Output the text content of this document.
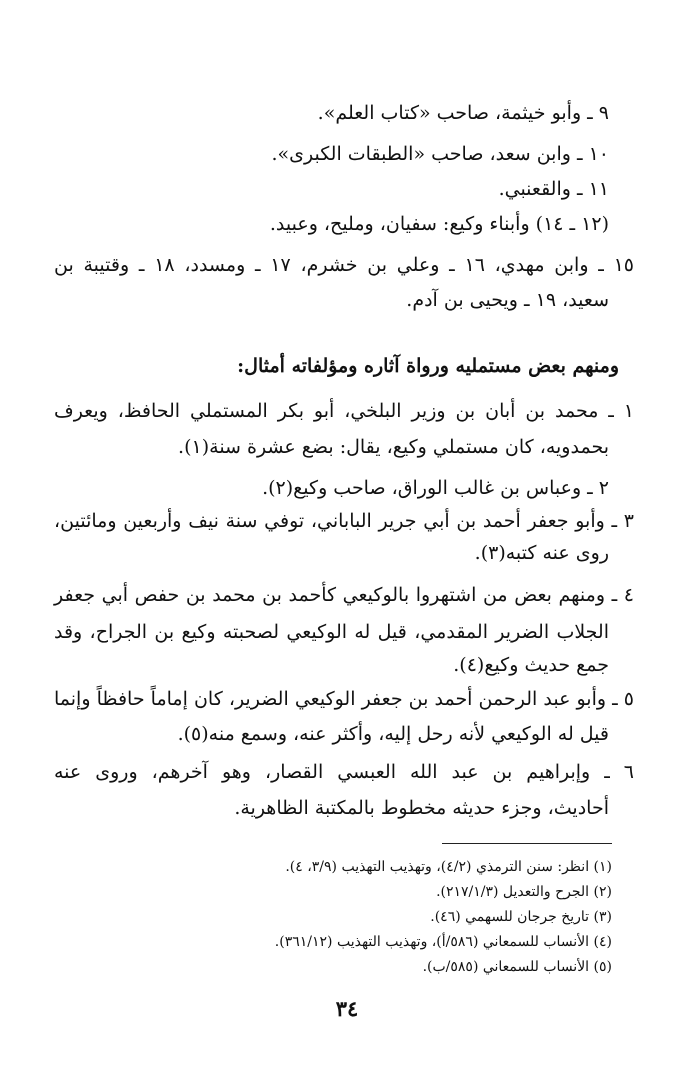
٩ ـ وأبو خيثمة، صاحب «كتاب العلم».
١٠ ـ وابن سعد، صاحب «الطبقات الكبرى».
١١ ـ والقعنبي.
(١٢ ـ ١٤) وأبناء وكيع: سفيان، ومليح، وعبيد.
١٥ ـ وابن مهدي، ١٦ ـ وعلي بن خشرم، ١٧ ـ ومسدد، ١٨ ـ وقتيبة بن
سعيد، ١٩ ـ ويحيى بن آدم.
ومنهم بعض مستمليه ورواة آثاره ومؤلفاته أمثال:
١ ـ محمد بن أبان بن وزير البلخي، أبو بكر المستملي الحافظ، ويعرف
بحمدويه، كان مستملي وكيع، يقال: بضع عشرة سنة(١).
٢ ـ وعباس بن غالب الوراق، صاحب وكيع(٢).
٣ ـ وأبو جعفر أحمد بن أبي جرير الباباني، توفي سنة نيف وأربعين ومائتين،
روى عنه كتبه(٣).
٤ ـ ومنهم بعض من اشتهروا بالوكيعي كأحمد بن محمد بن حفص أبي جعفر
الجلاب الضرير المقدمي، قيل له الوكيعي لصحبته وكيع بن الجراح، وقد
جمع حديث وكيع(٤).
٥ ـ وأبو عبد الرحمن أحمد بن جعفر الوكيعي الضرير، كان إماماً حافظاً وإنما
قيل له الوكيعي لأنه رحل إليه، وأكثر عنه، وسمع منه(٥).
٦ ـ وإبراهيم بن عبد الله العبسي القصار، وهو آخرهم، وروى عنه
أحاديث، وجزء حديثه مخطوط بالمكتبة الظاهرية.
(١) انظر: سنن الترمذي (٤/٢)، وتهذيب التهذيب (٣/٩، ٤).
(٢) الجرح والتعديل (٢١٧/١/٣).
(٣) تاريخ جرجان للسهمي (٤٦).
(٤) الأنساب للسمعاني (٥٨٦/أ)، وتهذيب التهذيب (٣٦١/١٢).
(٥) الأنساب للسمعاني (٥٨٥/ب).
٣٤
